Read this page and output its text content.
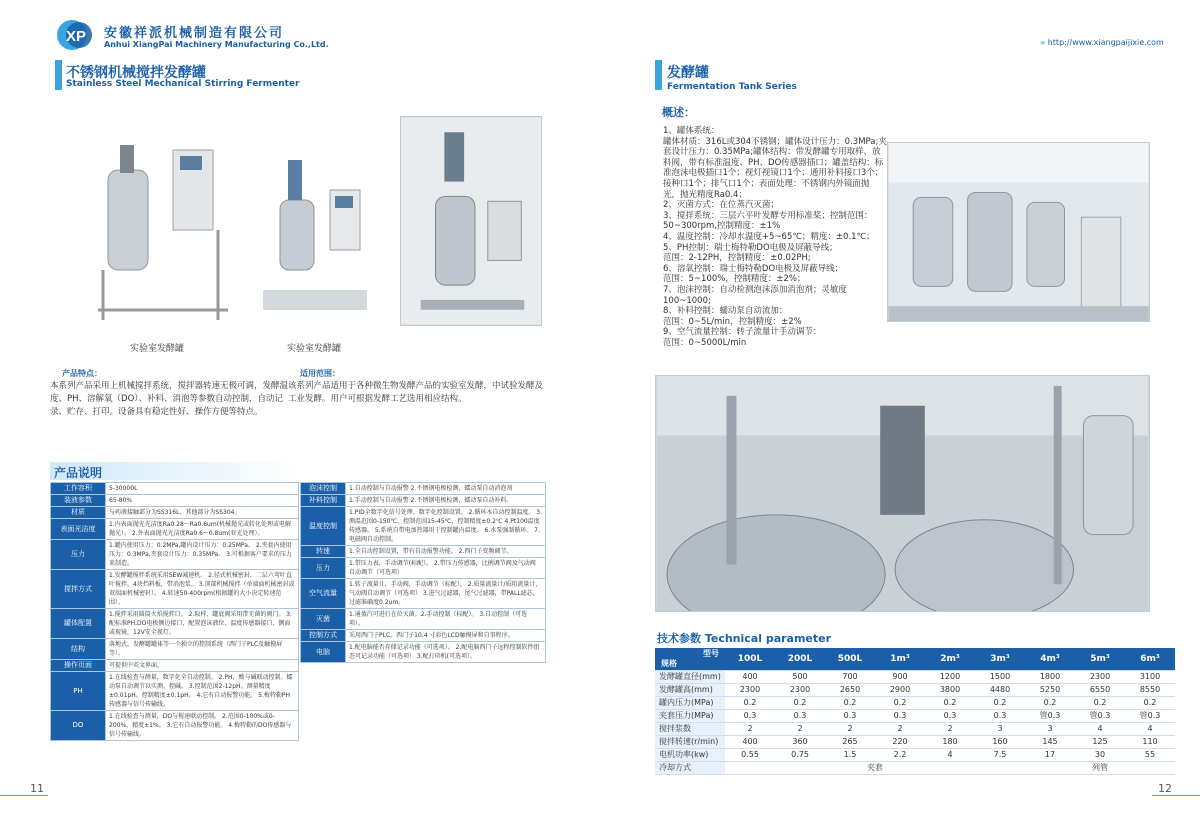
XP 安徽祥派机械制造有限公司
Anhui XiangPai Machinery Manufacturing Co.,Ltd.	» http://www.xiangpaijixie.com
不锈钢机械搅拌发酵罐
Stainless Steel Mechanical Stirring Fermenter
实验室发酵罐	实验室发酵罐
产品特点：
本系列产品采用上机械搅拌系统，搅拌器转速无极可调，发酵温度、PH、溶解氧（DO）、补料、消泡等参数自动控制，自动记录、贮存、打印。设备具有稳定性好、操作方便等特点。
适用范围：
该系列产品适用于各种微生物发酵产品的实验室发酵，中试验发酵及工业发酵。用户可根据发酵工艺选用相应结构。
产品说明
工作容积	5-30000L
装液参数	65-80%
材质	与药液接触部分为SS316L，其他部分为SS304。
表面光洁度	1.内表面抛光光洁度Ra0.28～Ra0.6um(机械抛光或转化处理或电解抛光）。 2.外表面抛光光洁度Ra0.6～0.8um(亚光处理）。
压力	1.罐内使用压力：0.2MPa,罐内设计压力：0.25MPa。 2.夹套内使用压力：0.3MPa,夹套设计压力：0.35MPa。 3.可根据客户要求的压力来制造。
搅拌方式	1.发酵罐搅拌系统采用SEW减速机。 2.径式机械密封，二层六弯叶直叶搅拌，4块挡料板，带消泡浆。 3.顶部机械搅拌（单端面机械密封或双端面机械密封）。 4.转速50-400rpm(根据罐的大小决定转速范围）。
罐体配置	1.搅拌采用圆筒火焰搅拌口。 2.取样、罐底阀采用带无菌的阀门。 3.配标准PH,DO电极侧边接口，配置泡沫液位、温度传感器接口，侧面或视镜，12V安全视灯。
结构	落地式，发酵罐罐体等一个独立的控制系统（西门子PLC及触摸屏等）。
操作页面	可提供中英文界面。
PH	1.在线检查与测量，数字化全自动控制。 2.PH，酸与碱联动控制。蠕动泵自动调节以实测、控碱。 3.控制范围2-12pH。测量精度±0.01pH。控制精度±0.1pH。 4.它有自动报警功能。 5.梅特勒PH传感器与信号传输线。
DO	1.在线检查与测量，DO与搅速联动控制。 2.范围0-100%或0-200%，精度±1%。 3.它有自动报警功能。 4.梅特勒的DO传感器与信号传输线。
泡沫控制	1.自动控制与自动报警 2.不锈钢电极检测，蠕动泵自动消泡剂
补料控制	1.手动控制与自动报警 2.不锈钢电极检测，蠕动泵自动补料。
温度控制	1.PID全数字化信号处理、数字化控制设置。 2.循环水自动控制温度。 3.测温范围0-150℃，控制范围15-45℃，控制精度±0.2℃ 4.Pt100温度传感器。 5.系统自带电加热器用于控制罐内温度。 6.水泵强制循环。 7.电磁阀自动控制。
转速	1.全自动控制设置，带有自动报警功能。 2.西门子变频调节。
压力	1.带压力表，手动调节(标配）。 2.带压力传感器，比例调节阀及气动阀 自动调节（可选项）
空气流量	1.转子流量计，手动阀，手动调节（标配）。 2.质量流量计/质阻流量计，气动阀自动调节（可选项） 3.进气过滤器，尾气过滤器，带PALL滤芯，过滤准确度0.2um。
灭菌	1.通蒸汽可进行在位灭菌。2.手动控制（标配）。 3.自动控制（可选项）。
控制方式	采用西门子PLC，西门子10.4 寸彩色LCD触摸屏和自事程序。
电脑	1.配电脑能否存储记录功能（可选项）。 2.配电脑西门子远程控制软件组态可记录功能（可选项） 3.配打印机(可选项）。
11
发酵罐
Fermentation Tank Series
概述：
1、罐体系统：
罐体材质：316L或304不锈钢；罐体设计压力：0.3MPa;夹
套设计压力：0.35MPa;罐体结构：带发酵罐专用取样、放
料阀，带有标准温度、PH、DO传感器插口；罐盖结构：标
准泡沫电极插口1个；视灯视镜口1个；通用补料接口3个；
接种口1个；排气口1个；表面处理：不锈钢内外镜面抛
光，抛光精度Ra0.4；
2、灭菌方式：在位蒸汽灭菌；
3、搅拌系统：三层六平叶发酵专用标准桨；控制范围：
50~300rpm,控制精度：±1%
4、温度控制：冷却水温度+5~65℃；精度：±0.1℃；
5、PH控制：瑞士梅特勒DO电极及屏蔽导线；
范围：2-12PH，控制精度：±0.02PH;
6、溶氧控制：瑞士梅特勒DO电极及屏蔽导线；
范围：5~100%，控制精度：±2%；
7、泡沫控制：自动检测泡沫添加消泡剂；灵敏度
100~1000;
8、补料控制：蠕动泵自动流加：
范围：0~5L/min，控制精度：±2%
9、空气流量控制：转子流量计手动调节：
范围：0~5000L/min
技术参数 Technical parameter
型号
规格	100L	200L	500L	1m³	2m³	3m³	4m³	5m³	6m³
发酵罐直径(mm)	400	500	700	900	1200	1500	1800	2300	3100
发酵罐高(mm)	2300	2300	2650	2900	3800	4480	5250	6550	8550
罐内压力(MPa)	0.2	0.2	0.2	0.2	0.2	0.2	0.2	0.2	0.2
夹套压力(MPa)	0.3	0.3	0.3	0.3	0.3	0.3	管0.3	管0.3	管0.3
搅拌浆数	2	2	2	2	2	3	3	4	4
搅拌转速(r/min)	400	360	265	220	180	160	145	125	110
电机功率(kw)	0.55	0.75	1.5	2.2	4	7.5	17	30	55
冷却方式	夹套						列管		
12
